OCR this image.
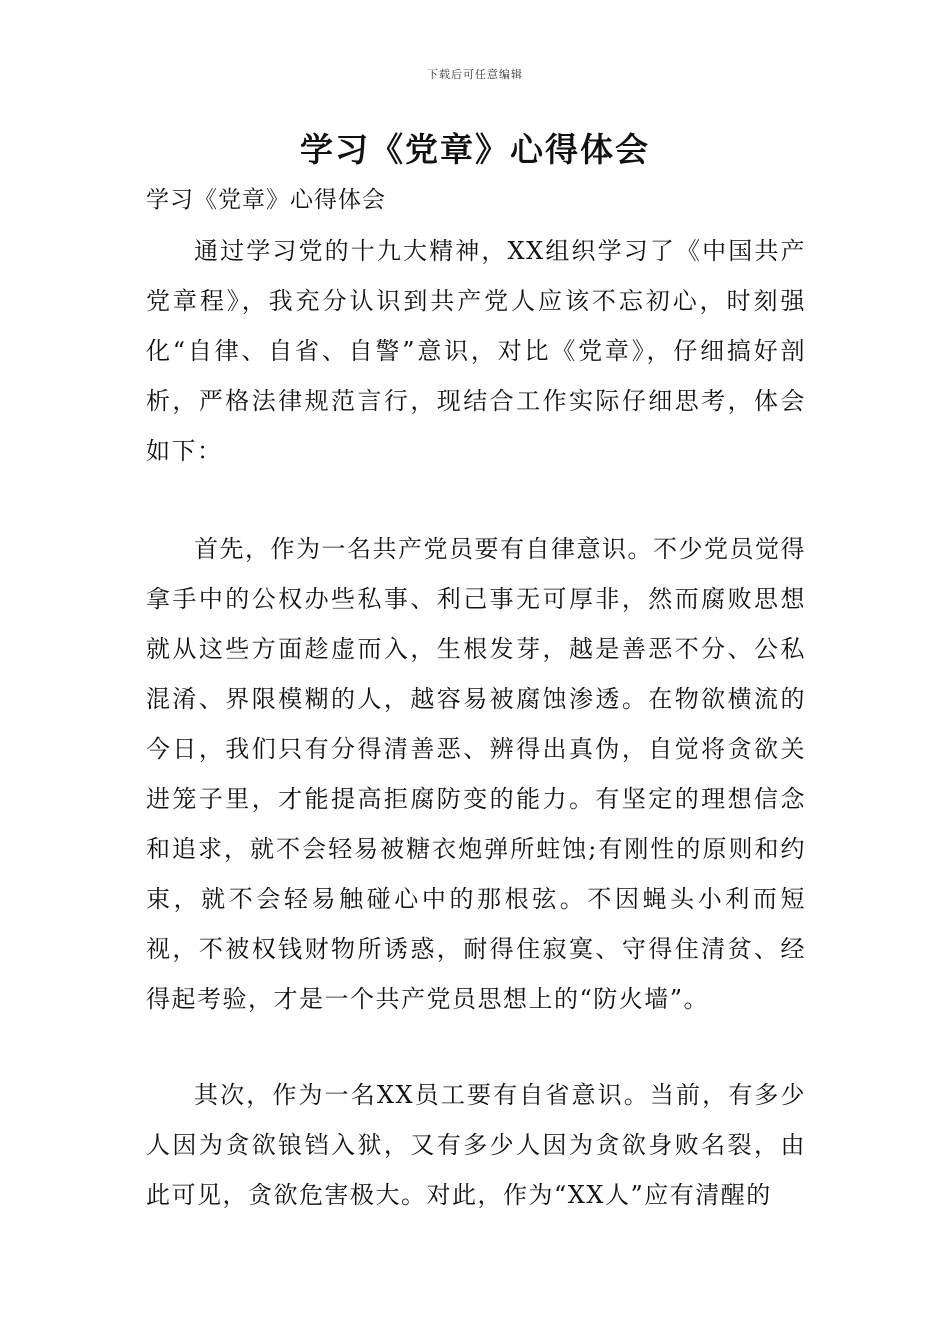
下载后可任意编辑
学习《党章》心得体会

学习《党章》心得体会

通过学习党的十九大精神，XX组织学习了《中国共产党章程》，我充分认识到共产党人应该不忘初心，时刻强化“自律、自省、自警”意识，对比《党章》，仔细搞好剖析，严格法律规范言行，现结合工作实际仔细思考，体会如下：

首先，作为一名共产党员要有自律意识。不少党员觉得拿手中的公权办些私事、利己事无可厚非，然而腐败思想就从这些方面趁虚而入，生根发芽，越是善恶不分、公私混淆、界限模糊的人，越容易被腐蚀渗透。在物欲横流的今日，我们只有分得清善恶、辨得出真伪，自觉将贪欲关进笼子里，才能提高拒腐防变的能力。有坚定的理想信念和追求，就不会轻易被糖衣炮弹所蛀蚀;有刚性的原则和约束，就不会轻易触碰心中的那根弦。不因蝇头小利而短视，不被权钱财物所诱惑，耐得住寂寞、守得住清贫、经得起考验，才是一个共产党员思想上的“防火墙”。

其次，作为一名XX员工要有自省意识。当前，有多少人因为贪欲锒铛入狱，又有多少人因为贪欲身败名裂，由此可见，贪欲危害极大。对此，作为“XX人”应有清醒的
